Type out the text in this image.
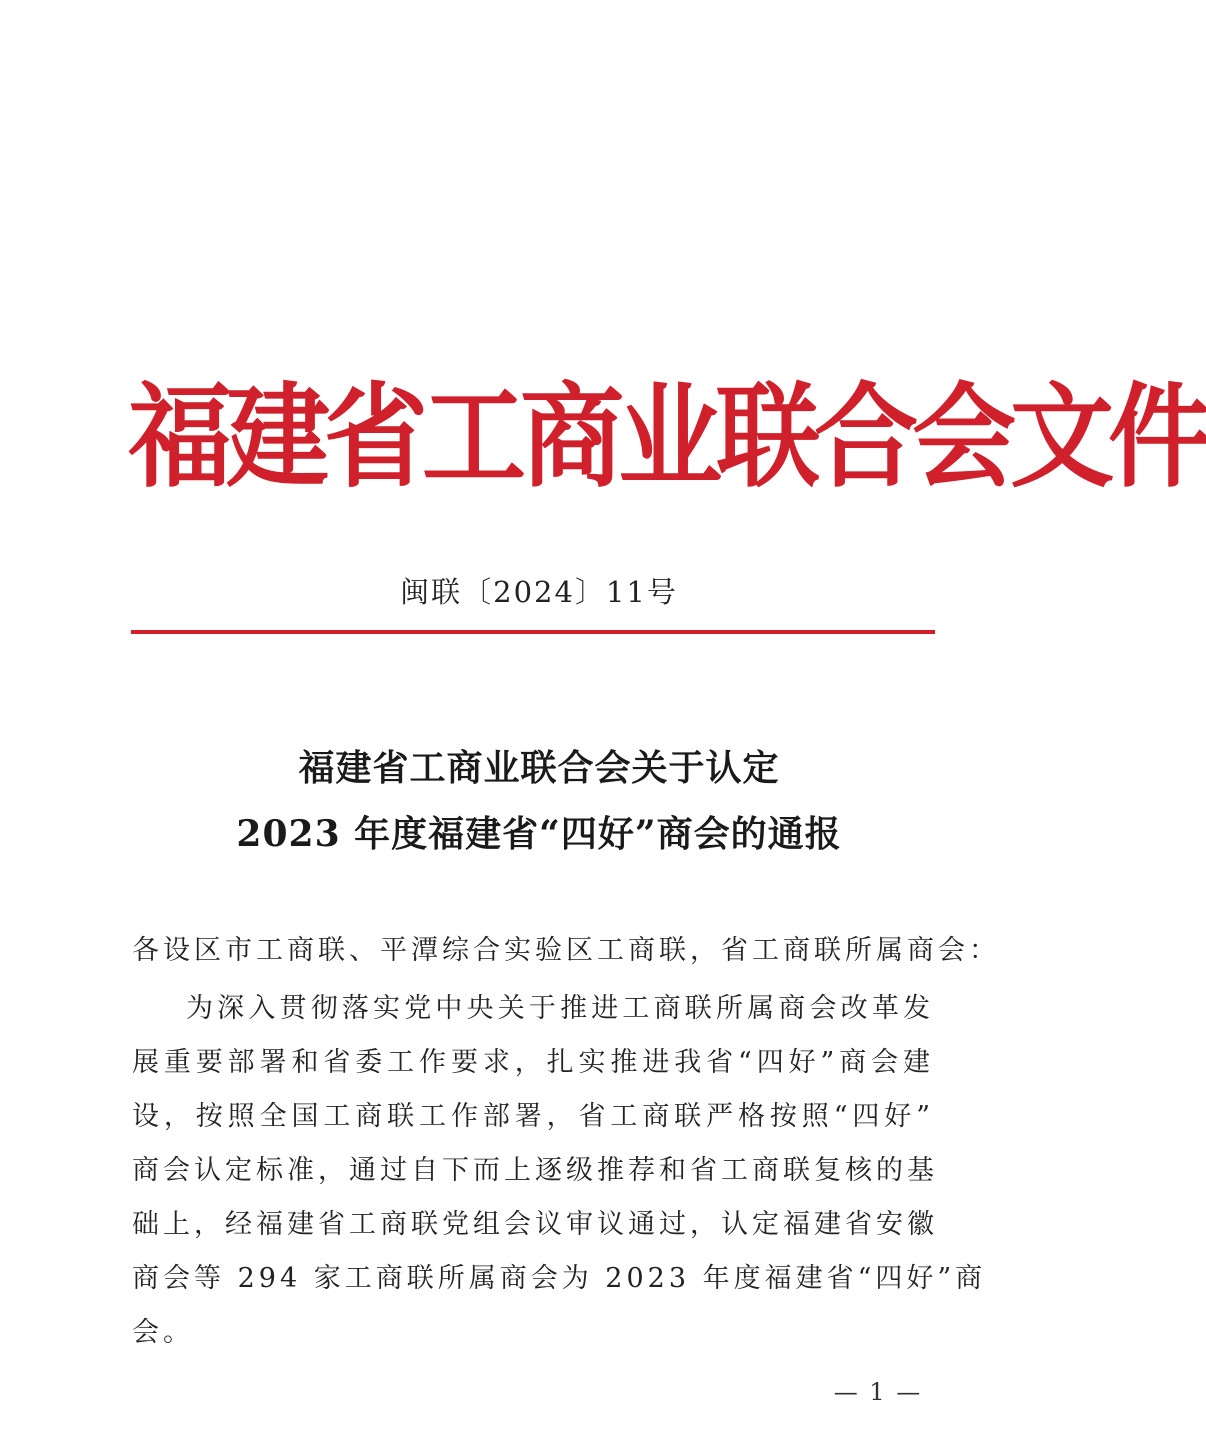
福 建 省 工 商 业 联 合 会 文 件
闽联〔2024〕11号
福建省工商业联合会关于认定
2023 年度福建省“四好”商会的通报
各设区市工商联、平潭综合实验区工商联，省工商联所属商会：
为深入贯彻落实党中央关于推进工商联所属商会改革发
展重要部署和省委工作要求，扎实推进我省“四好”商会建
设，按照全国工商联工作部署，省工商联严格按照“四好”
商会认定标准，通过自下而上逐级推荐和省工商联复核的基
础上，经福建省工商联党组会议审议通过，认定福建省安徽
商会等 294 家工商联所属商会为 2023 年度福建省“四好”商
会。
— 1 —
